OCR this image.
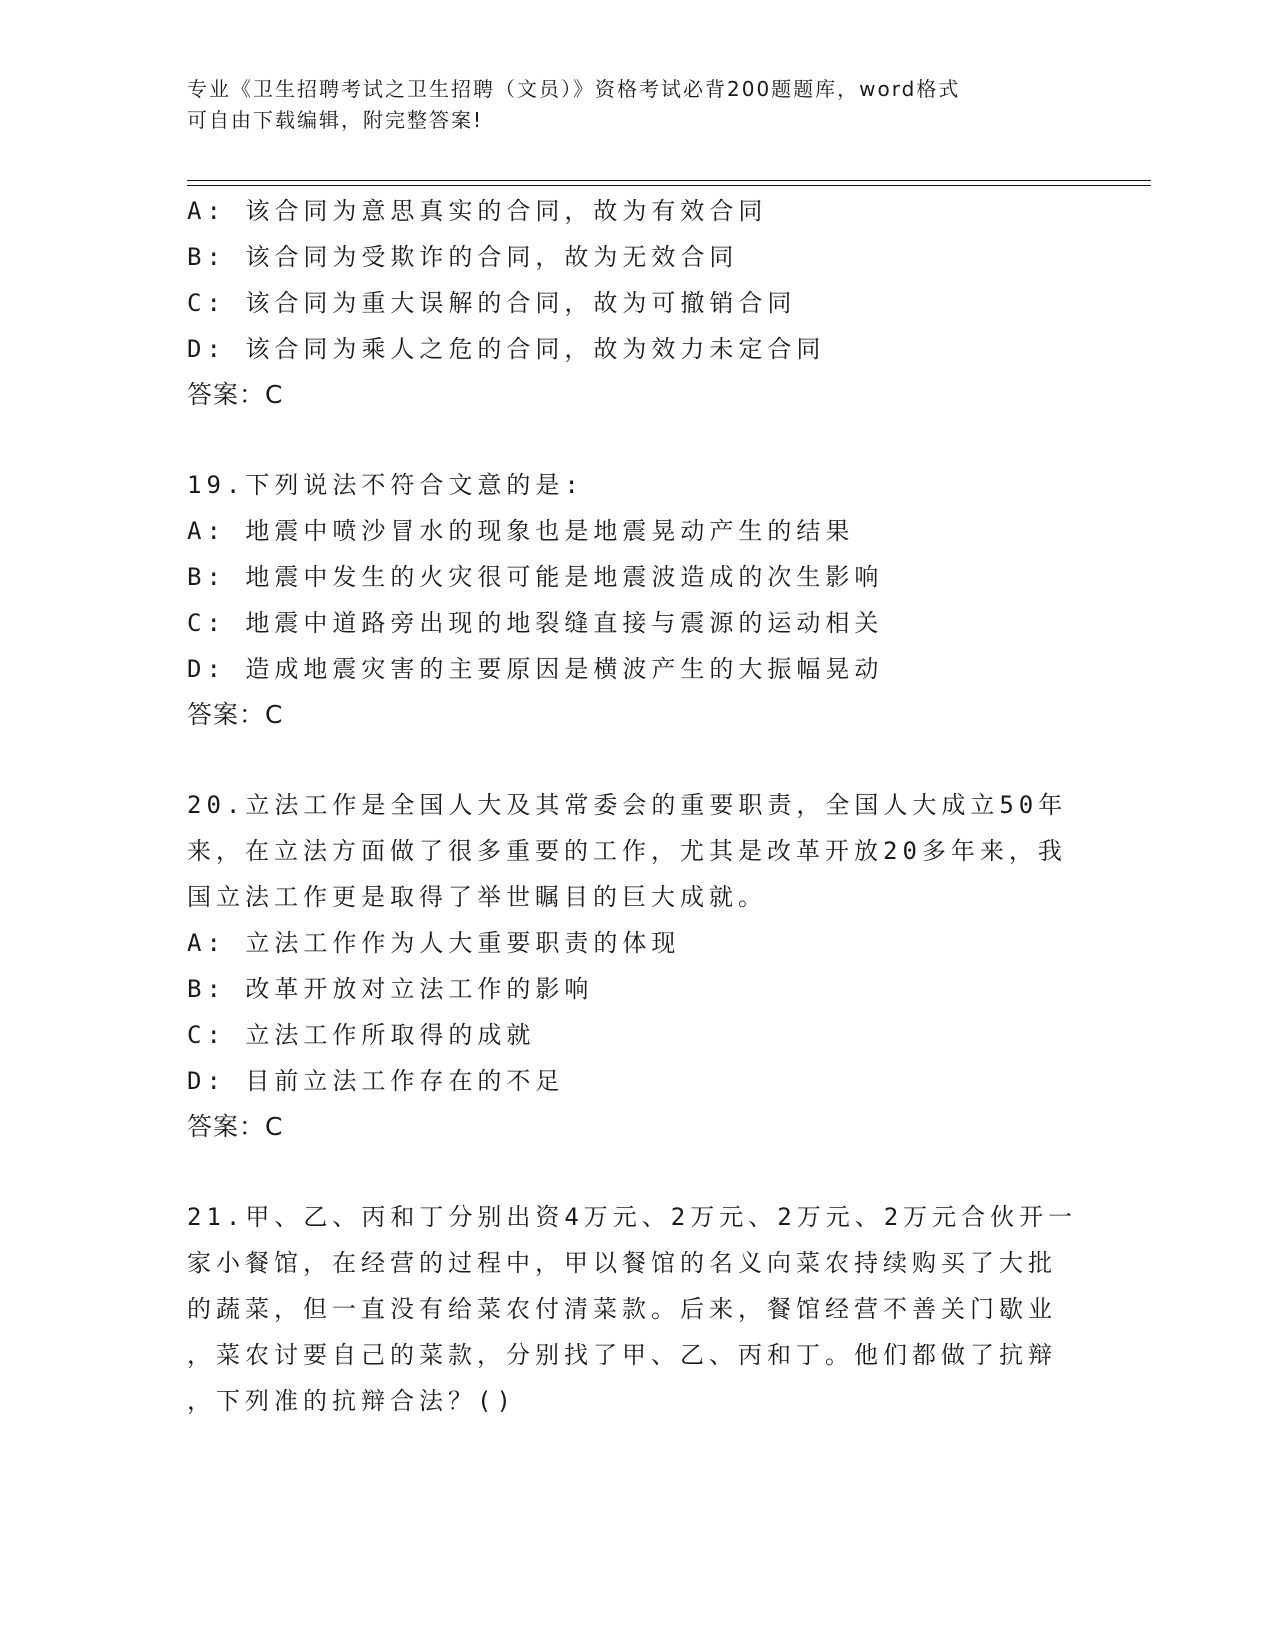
专业《卫生招聘考试之卫生招聘（文员）》资格考试必背200题题库，word格式
可自由下载编辑，附完整答案!
A: 该合同为意思真实的合同，故为有效合同
B: 该合同为受欺诈的合同，故为无效合同
C: 该合同为重大误解的合同，故为可撤销合同
D: 该合同为乘人之危的合同，故为效力未定合同
答案：C
19.下列说法不符合文意的是:
A: 地震中喷沙冒水的现象也是地震晃动产生的结果
B: 地震中发生的火灾很可能是地震波造成的次生影响
C: 地震中道路旁出现的地裂缝直接与震源的运动相关
D: 造成地震灾害的主要原因是横波产生的大振幅晃动
答案：C
20.立法工作是全国人大及其常委会的重要职责，全国人大成立50年
来，在立法方面做了很多重要的工作，尤其是改革开放20多年来，我
国立法工作更是取得了举世瞩目的巨大成就。
A: 立法工作作为人大重要职责的体现
B: 改革开放对立法工作的影响
C: 立法工作所取得的成就
D: 目前立法工作存在的不足
答案：C
21.甲、乙、丙和丁分别出资4万元、2万元、2万元、2万元合伙开一
家小餐馆，在经营的过程中，甲以餐馆的名义向菜农持续购买了大批
的蔬菜，但一直没有给菜农付清菜款。后来，餐馆经营不善关门歇业
，菜农讨要自己的菜款，分别找了甲、乙、丙和丁。他们都做了抗辩
，下列准的抗辩合法？()
